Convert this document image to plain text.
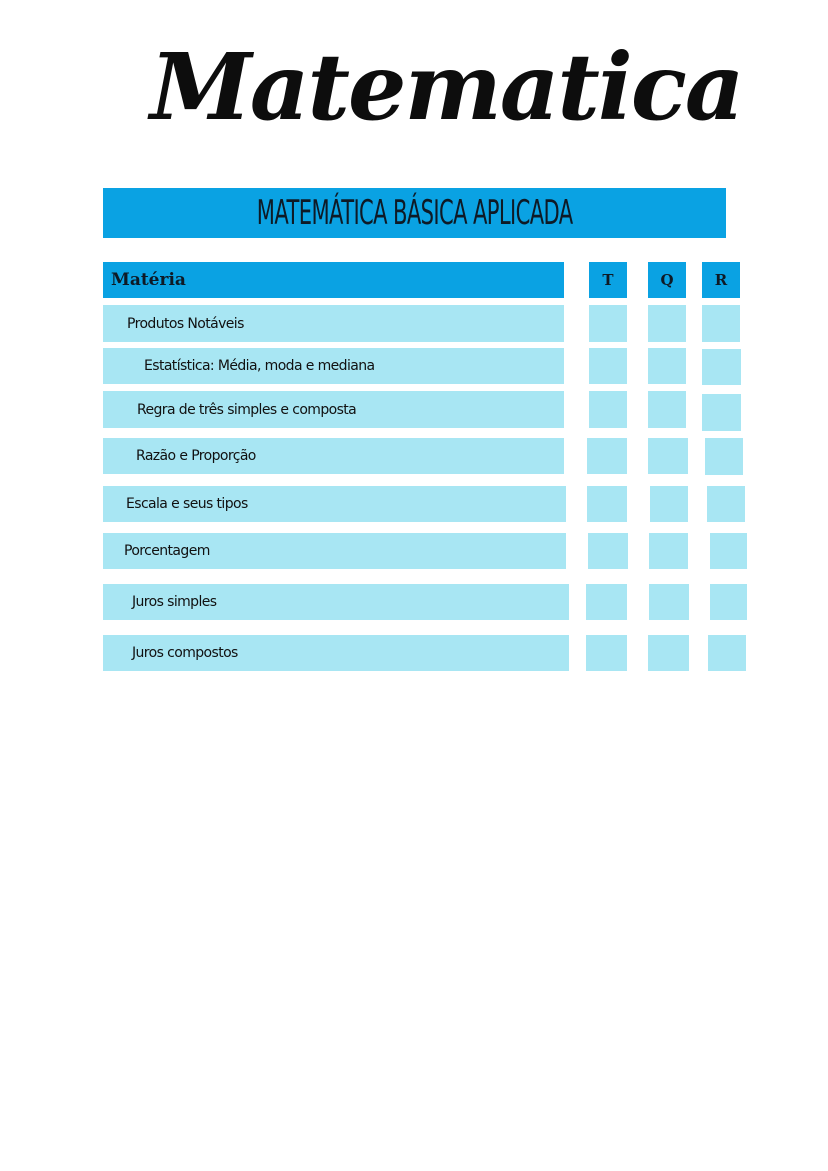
Matematica
MATEMÁTICA BÁSICA APLICADA
Matéria	T	Q	R
Produtos Notáveis
Estatística: Média, moda e mediana
Regra de três simples e composta
Razão e Proporção
Escala e seus tipos
Porcentagem
Juros simples
Juros compostos
